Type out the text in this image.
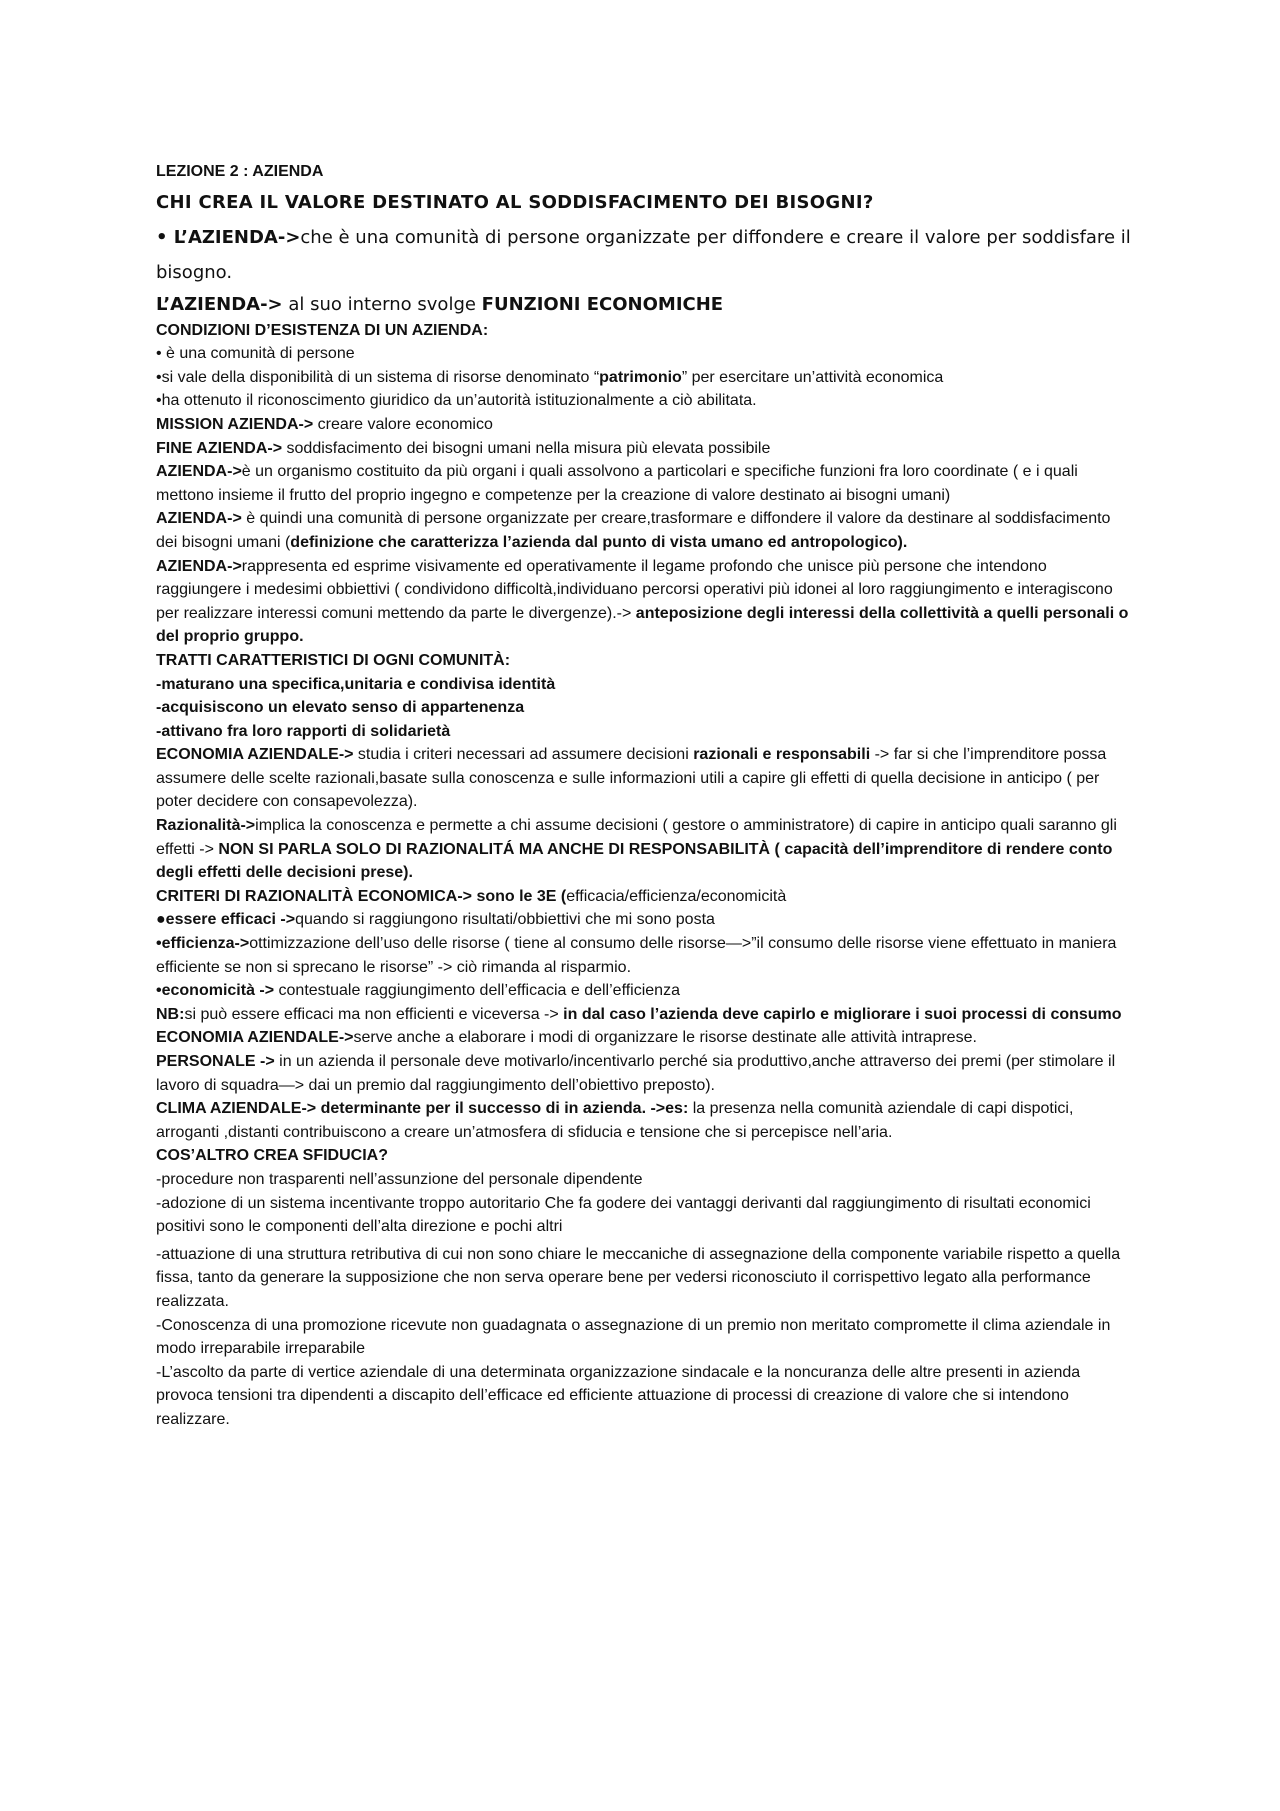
LEZIONE 2 : AZIENDA

CHI CREA IL VALORE DESTINATO AL SODDISFACIMENTO DEI BISOGNI?

• L’AZIENDA->che è una comunità di persone organizzate per diffondere e creare il valore per soddisfare il bisogno.

L’AZIENDA-> al suo interno svolge FUNZIONI ECONOMICHE

CONDIZIONI D’ESISTENZA DI UN AZIENDA:

• è una comunità di persone

•si vale della disponibilità di un sistema di risorse denominato “patrimonio” per esercitare un’attività economica

•ha ottenuto il riconoscimento giuridico da un’autorità istituzionalmente a ciò abilitata.

MISSION AZIENDA-> creare valore economico

FINE AZIENDA-> soddisfacimento dei bisogni umani nella misura più elevata possibile

AZIENDA->è un organismo costituito da più organi i quali assolvono a particolari e specifiche funzioni fra loro coordinate ( e i quali mettono insieme il frutto del proprio ingegno e competenze per la creazione di valore destinato ai bisogni umani)

AZIENDA-> è quindi una comunità di persone organizzate per creare,trasformare e diffondere il valore da destinare al soddisfacimento dei bisogni umani (definizione che caratterizza l’azienda dal punto di vista umano ed antropologico).

AZIENDA->rappresenta ed esprime visivamente ed operativamente il legame profondo che unisce più persone che intendono raggiungere i medesimi obbiettivi ( condividono difficoltà,individuano percorsi operativi più idonei al loro raggiungimento e interagiscono per realizzare interessi comuni mettendo da parte le divergenze).-> anteposizione degli interessi della collettività a quelli personali o del proprio gruppo.

TRATTI CARATTERISTICI DI OGNI COMUNITÀ:

-maturano una specifica,unitaria e condivisa identità

-acquisiscono un elevato senso di appartenenza

-attivano fra loro rapporti di solidarietà

ECONOMIA AZIENDALE-> studia i criteri necessari ad assumere decisioni razionali e responsabili -> far si che l’imprenditore possa assumere delle scelte razionali,basate sulla conoscenza e sulle informazioni utili a capire gli effetti di quella decisione in anticipo ( per poter decidere con consapevolezza).

Razionalità->implica la conoscenza e permette a chi assume decisioni ( gestore o amministratore) di capire in anticipo quali saranno gli effetti -> NON SI PARLA SOLO DI RAZIONALITÁ MA ANCHE DI RESPONSABILITÀ ( capacità dell’imprenditore di rendere conto degli effetti delle decisioni prese).

CRITERI DI RAZIONALITÀ ECONOMICA-> sono le 3E (efficacia/efficienza/economicità

●essere efficaci ->quando si raggiungono risultati/obbiettivi che mi sono posta

•efficienza->ottimizzazione dell’uso delle risorse ( tiene al consumo delle risorse—>”il consumo delle risorse viene effettuato in maniera efficiente se non si sprecano le risorse” -> ciò rimanda al risparmio.

•economicità -> contestuale raggiungimento dell’efficacia e dell’efficienza

NB:si può essere efficaci ma non efficienti e viceversa -> in dal caso l’azienda deve capirlo e migliorare i suoi processi di consumo

ECONOMIA AZIENDALE->serve anche a elaborare i modi di organizzare le risorse destinate alle attività intraprese.

PERSONALE -> in un azienda il personale deve motivarlo/incentivarlo perché sia produttivo,anche attraverso dei premi (per stimolare il lavoro di squadra—> dai un premio dal raggiungimento dell’obiettivo preposto).

CLIMA AZIENDALE-> determinante per il successo di in azienda. ->es: la presenza nella comunità aziendale di capi dispotici, arroganti ,distanti contribuiscono a creare un’atmosfera di sfiducia e tensione che si percepisce nell’aria.

COS’ALTRO CREA SFIDUCIA?

-procedure non trasparenti nell’assunzione del personale dipendente

-adozione di un sistema incentivante troppo autoritario Che fa godere dei vantaggi derivanti dal raggiungimento di risultati economici positivi sono le componenti dell’alta direzione e pochi altri

-attuazione di una struttura retributiva di cui non sono chiare le meccaniche di assegnazione della componente variabile rispetto a quella fissa, tanto da generare la supposizione che non serva operare bene per vedersi riconosciuto il corrispettivo legato alla performance realizzata.

-Conoscenza di una promozione ricevute non guadagnata o assegnazione di un premio non meritato compromette il clima aziendale in modo irreparabile irreparabile

-L’ascolto da parte di vertice aziendale di una determinata organizzazione sindacale e la noncuranza delle altre presenti in azienda provoca tensioni tra dipendenti a discapito dell’efficace ed efficiente attuazione di processi di creazione di valore che si intendono realizzare.
